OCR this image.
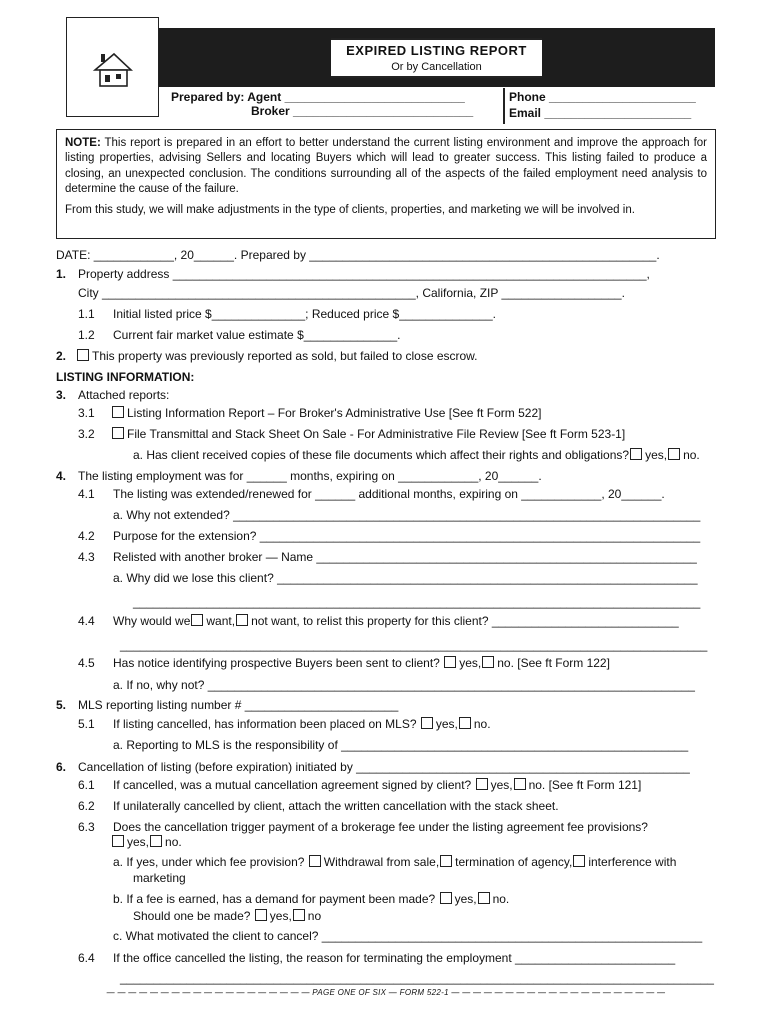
EXPIRED LISTING REPORT
Or by Cancellation
Prepared by: Agent ___________________________
Broker ___________________________
Phone ______________________
Email ______________________

NOTE: This report is prepared in an effort to better understand the current listing environment and improve the approach for listing properties, advising Sellers and locating Buyers which will lead to greater success. This listing failed to produce a closing, an unexpected conclusion. The conditions surrounding all of the aspects of the failed employment need analysis to determine the cause of the failure.

From this study, we will make adjustments in the type of clients, properties, and marketing we will be involved in.

DATE: ____________, 20______. Prepared by ____________________________________________________.
1. Property address _______________________________________________________________________,
City _______________________________________________, California, ZIP __________________.
1.1 Initial listed price $______________; Reduced price $______________.
1.2 Current fair market value estimate $______________.
2.	This property was previously reported as sold, but failed to close escrow.
LISTING INFORMATION:
3. Attached reports:
3.1	Listing Information Report – For Broker's Administrative Use [See ft Form 522]
3.2	File Transmittal and Stack Sheet On Sale - For Administrative File Review [See ft Form 523-1]
a. Has client received copies of these file documents which affect their rights and obligations? yes, no.
4. The listing employment was for ______ months, expiring on ____________, 20______.
4.1 The listing was extended/renewed for ______ additional months, expiring on ____________, 20______.
a. Why not extended? ______________________________________________________________________
4.2 Purpose for the extension? __________________________________________________________________
4.3 Relisted with another broker — Name _________________________________________________________
a. Why did we lose this client? _______________________________________________________________
_____________________________________________________________________________________
4.4 Why would we want, not want, to relist this property for this client? ____________________________
________________________________________________________________________________________
4.5 Has notice identifying prospective Buyers been sent to client? yes, no. [See ft Form 122]
a. If no, why not? _________________________________________________________________________
5. MLS reporting listing number # _______________________
5.1 If listing cancelled, has information been placed on MLS? yes, no.
a. Reporting to MLS is the responsibility of ____________________________________________________
6. Cancellation of listing (before expiration) initiated by __________________________________________________
6.1 If cancelled, was a mutual cancellation agreement signed by client? yes, no. [See ft Form 121]
6.2 If unilaterally cancelled by client, attach the written cancellation with the stack sheet.
6.3 Does the cancellation trigger payment of a brokerage fee under the listing agreement fee provisions?
yes, no.
a. If yes, under which fee provision? Withdrawal from sale, termination of agency, interference with
marketing
b. If a fee is earned, has a demand for payment been made? yes, no.
Should one be made? yes, no
c. What motivated the client to cancel? _________________________________________________________
6.4 If the office cancelled the listing, the reason for terminating the employment ________________________
_________________________________________________________________________________________
— — — — — — — — — — — — — — — — — — — PAGE ONE OF SIX — FORM 522-1 — — — — — — — — — — — — — — — — — — — —
